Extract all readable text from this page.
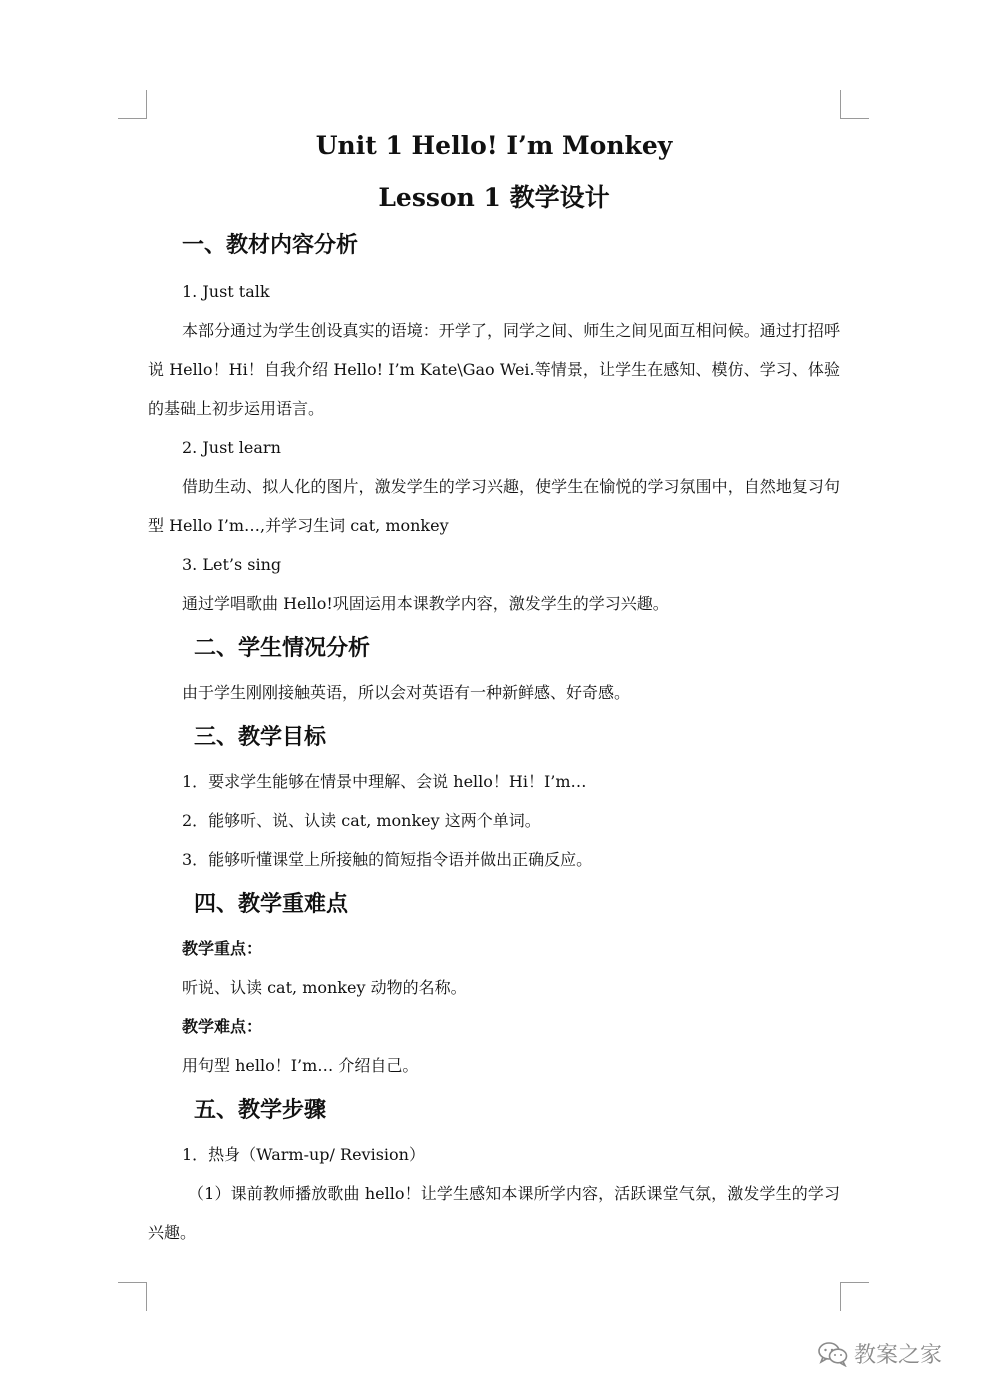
Unit 1 Hello! I’m Monkey
Lesson 1 教学设计
一、教材内容分析

1. Just talk

本部分通过为学生创设真实的语境：开学了，同学之间、师生之间见面互相问候。通过打招呼说 Hello！Hi！自我介绍 Hello! I’m Kate\Gao Wei.等情景，让学生在感知、模仿、学习、体验的基础上初步运用语言。

2. Just learn

借助生动、拟人化的图片，激发学生的学习兴趣，使学生在愉悦的学习氛围中，自然地复习句型 Hello I’m…,并学习生词 cat, monkey

3. Let’s sing

通过学唱歌曲 Hello!巩固运用本课教学内容，激发学生的学习兴趣。

二、学生情况分析

由于学生刚刚接触英语，所以会对英语有一种新鲜感、好奇感。

三、教学目标

1．要求学生能够在情景中理解、会说 hello！Hi！I’m…

2．能够听、说、认读 cat, monkey 这两个单词。

3．能够听懂课堂上所接触的简短指令语并做出正确反应。

四、教学重难点

教学重点：

听说、认读 cat, monkey 动物的名称。

教学难点：

用句型 hello！I’m… 介绍自己。

五、教学步骤

1．热身（Warm-up/ Revision）

（1）课前教师播放歌曲 hello！让学生感知本课所学内容，活跃课堂气氛，激发学生的学习兴趣。

教案之家
